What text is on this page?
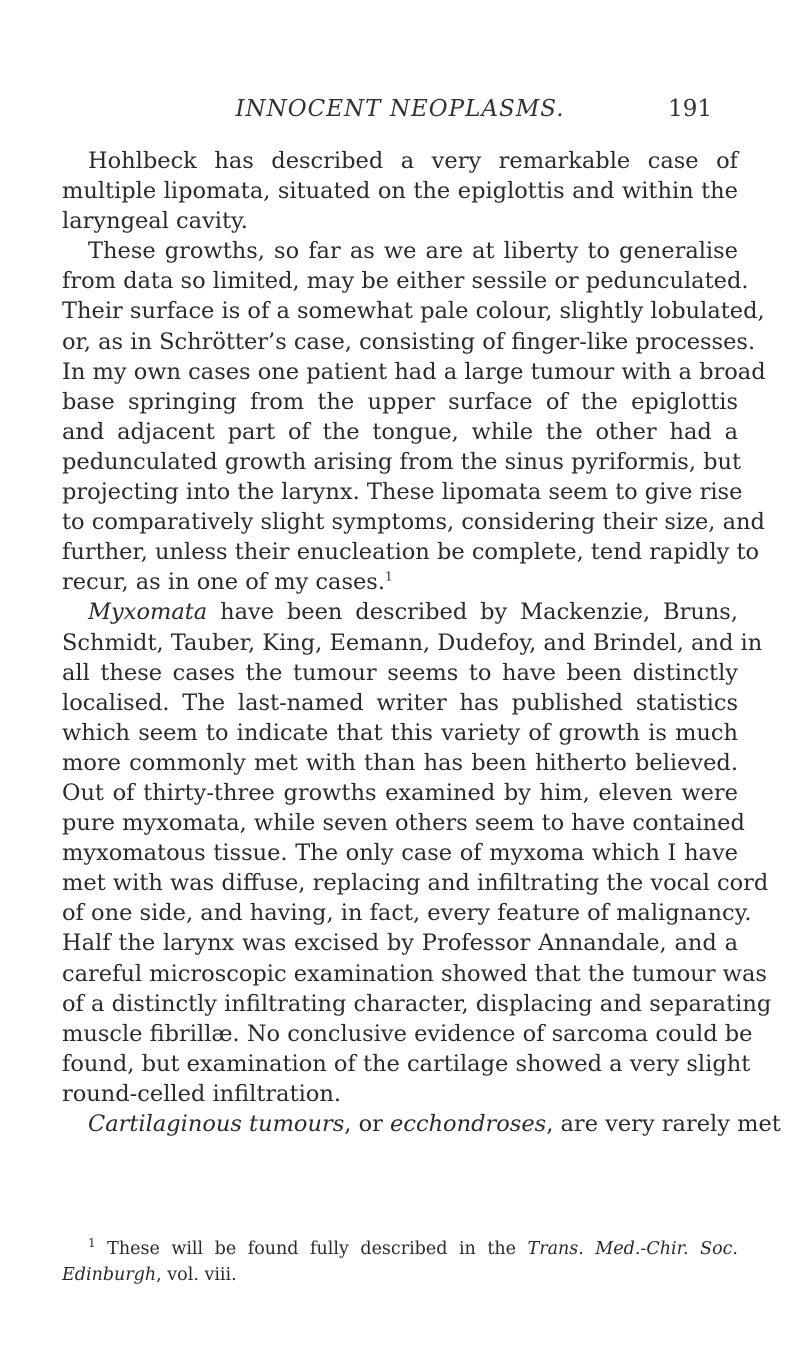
INNOCENT NEOPLASMS.	191
Hohlbeck has described a very remarkable case of
multiple lipomata, situated on the epiglottis and within the
laryngeal cavity.
These growths, so far as we are at liberty to generalise
from data so limited, may be either sessile or pedunculated.
Their surface is of a somewhat pale colour, slightly lobulated,
or, as in Schrötter’s case, consisting of finger-like processes.
In my own cases one patient had a large tumour with a broad
base springing from the upper surface of the epiglottis
and adjacent part of the tongue, while the other had a
pedunculated growth arising from the sinus pyriformis, but
projecting into the larynx. These lipomata seem to give rise
to comparatively slight symptoms, considering their size, and
further, unless their enucleation be complete, tend rapidly to
recur, as in one of my cases.$^1$
Myxomata have been described by Mackenzie, Bruns,
Schmidt, Tauber, King, Eemann, Dudefoy, and Brindel, and in
all these cases the tumour seems to have been distinctly
localised. The last-named writer has published statistics
which seem to indicate that this variety of growth is much
more commonly met with than has been hitherto believed.
Out of thirty-three growths examined by him, eleven were
pure myxomata, while seven others seem to have contained
myxomatous tissue. The only case of myxoma which I have
met with was diffuse, replacing and infiltrating the vocal cord
of one side, and having, in fact, every feature of malignancy.
Half the larynx was excised by Professor Annandale, and a
careful microscopic examination showed that the tumour was
of a distinctly infiltrating character, displacing and separating
muscle fibrillæ. No conclusive evidence of sarcoma could be
found, but examination of the cartilage showed a very slight
round-celled infiltration.
Cartilaginous tumours, or ecchondroses, are very rarely met
$^1$ These will be found fully described in the Trans. Med.-Chir. Soc.
Edinburgh, vol. viii.
